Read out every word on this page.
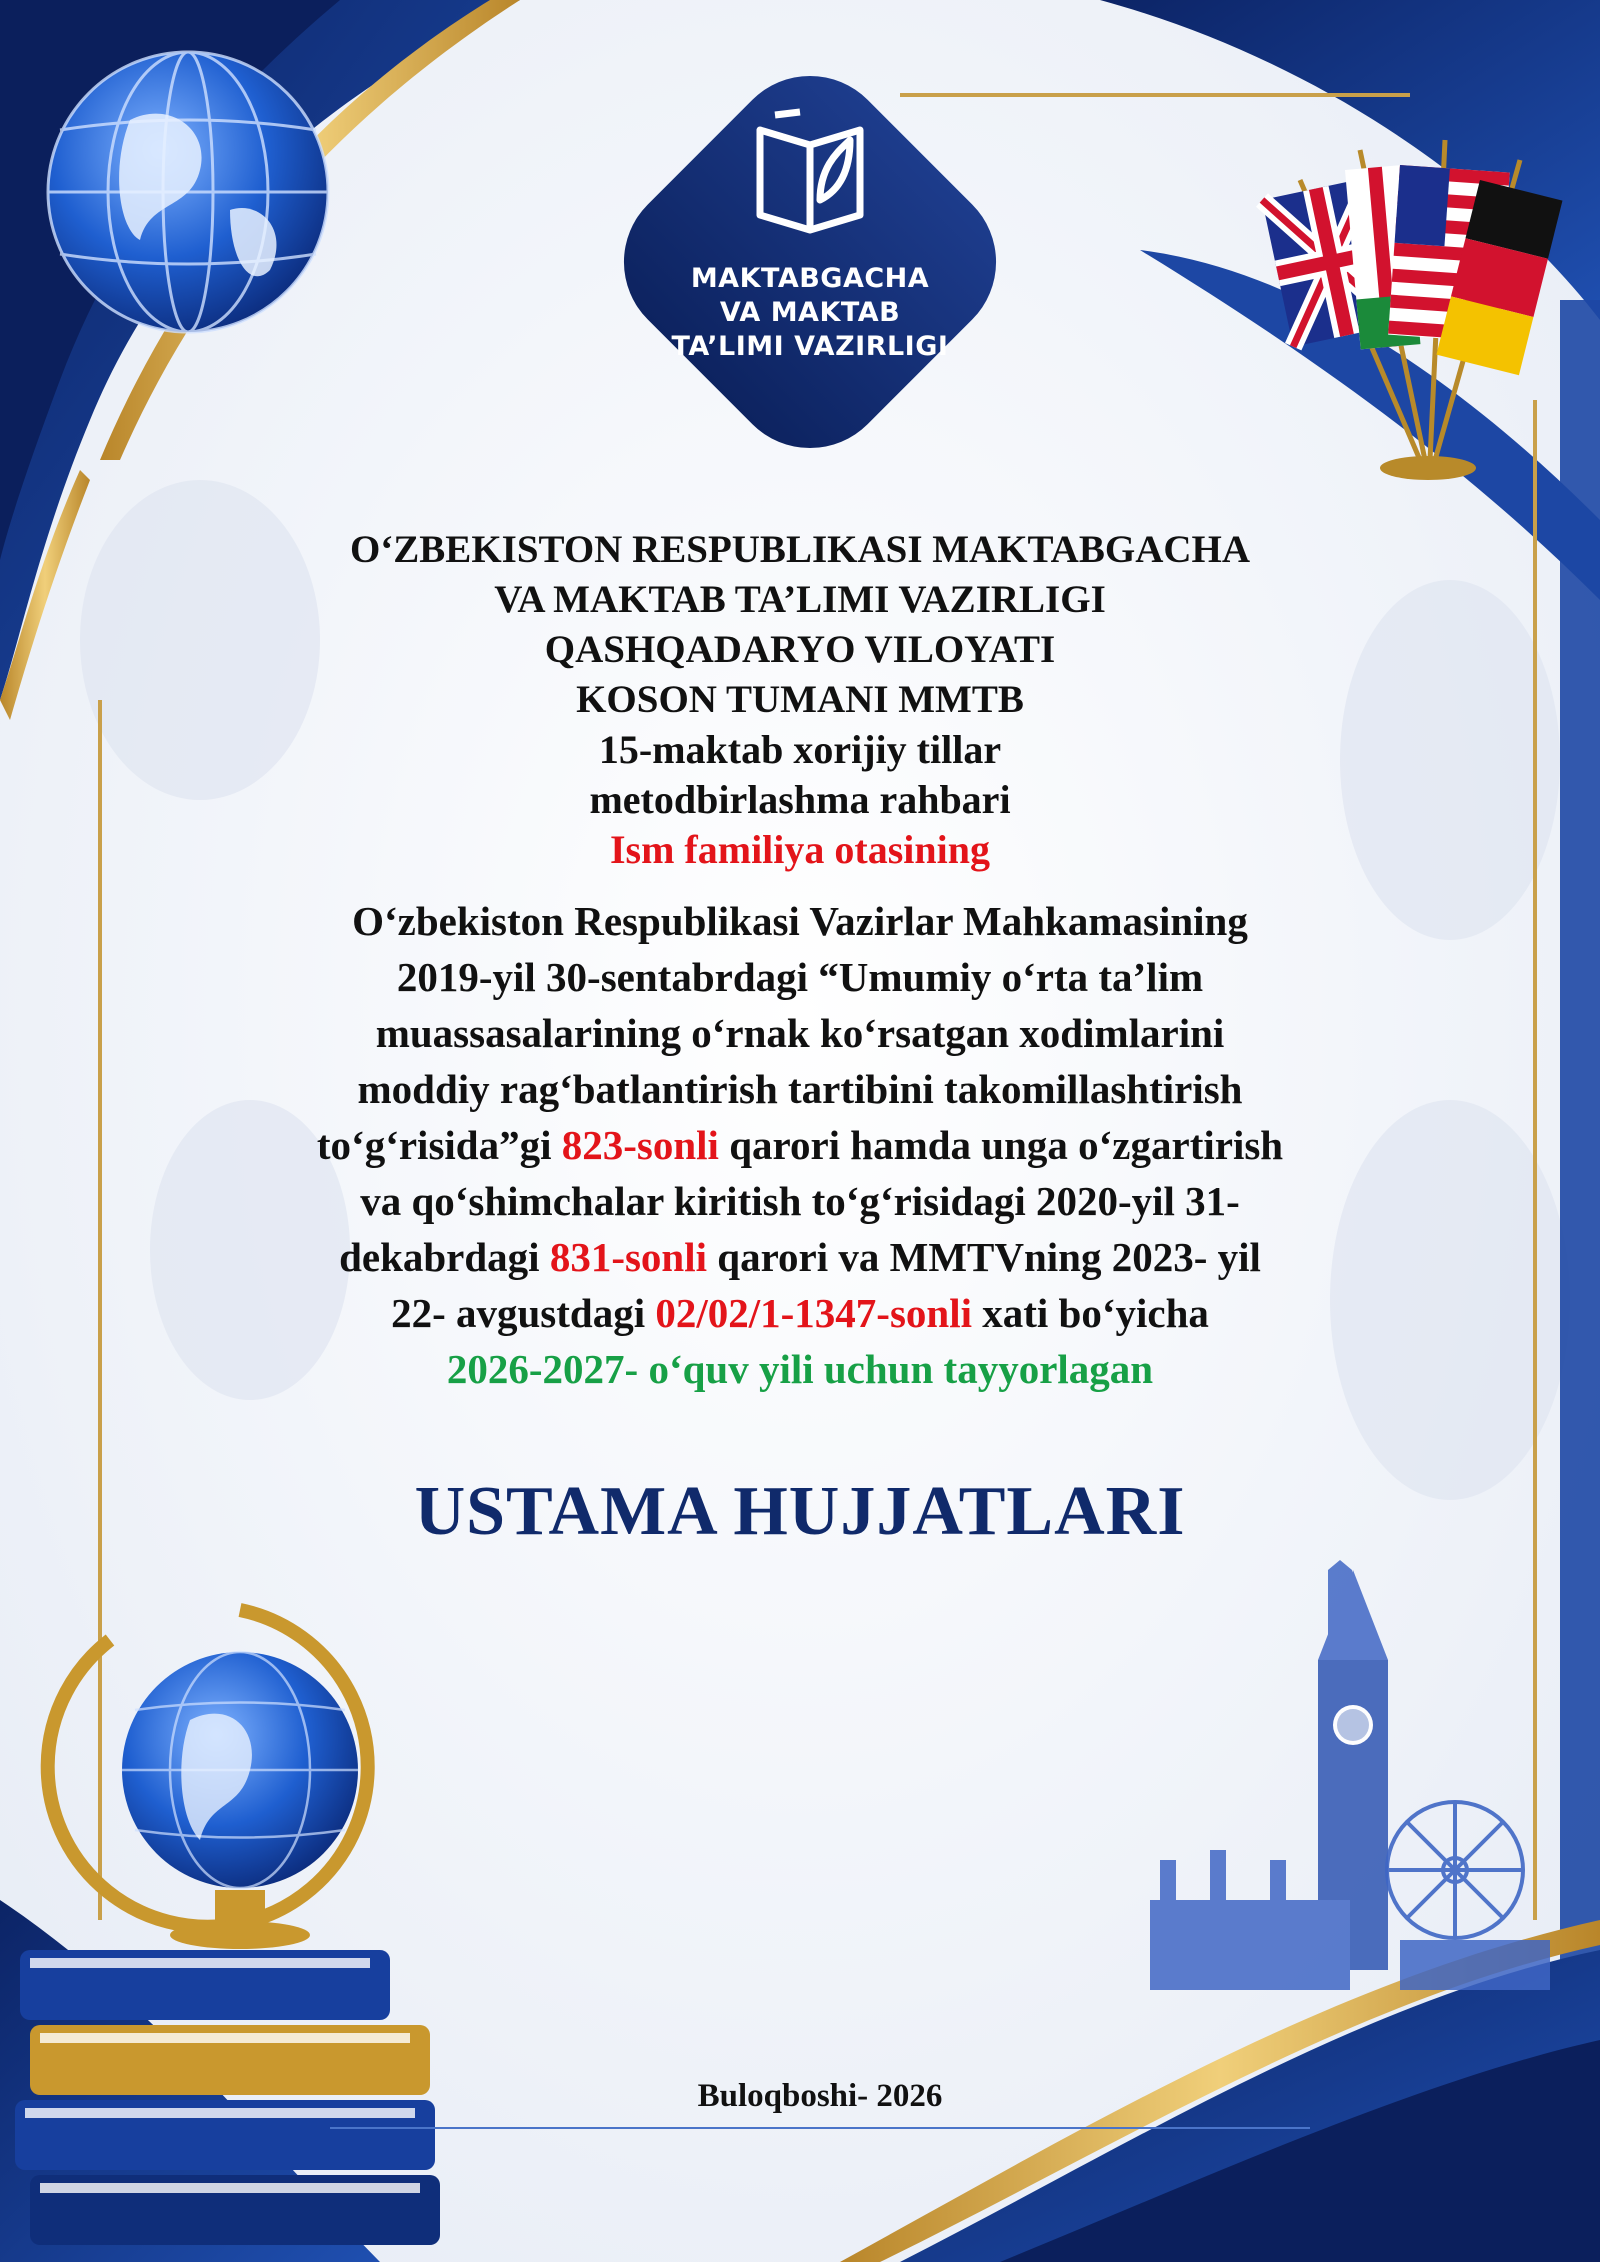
MAKTABGACHA
VA MAKTAB
TA’LIMI VAZIRLIGI
O‘ZBEKISTON RESPUBLIKASI MAKTABGACHA
VA MAKTAB TA’LIMI VAZIRLIGI
QASHQADARYO VILOYATI
KOSON TUMANI MMTB
15-maktab xorijiy tillar
metodbirlashma rahbari
Ism familiya otasining
O‘zbekiston Respublikasi Vazirlar Mahkamasining
2019-yil 30-sentabrdagi “Umumiy o‘rta ta’lim
muassasalarining o‘rnak ko‘rsatgan xodimlarini
moddiy rag‘batlantirish tartibini takomillashtirish
to‘g‘risida”gi 823-sonli qarori hamda unga o‘zgartirish
va qo‘shimchalar kiritish to‘g‘risidagi 2020-yil 31-
dekabrdagi 831-sonli qarori va MMTVning 2023- yil
22- avgustdagi 02/02/1-1347-sonli xati bo‘yicha
2026-2027- o‘quv yili uchun tayyorlagan
USTAMA HUJJATLARI
Buloqboshi- 2026
